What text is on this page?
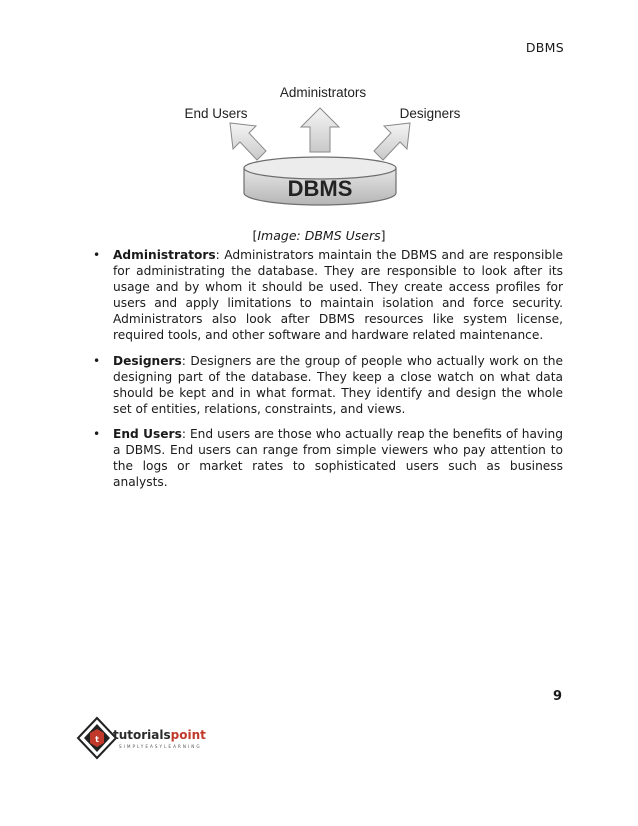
DBMS
DBMS
Administrators
End Users	Designers
[Image: DBMS Users]
• Administrators: Administrators maintain the DBMS and are responsible for administrating the database. They are responsible to look after its usage and by whom it should be used. They create access profiles for users and apply limitations to maintain isolation and force security. Administrators also look after DBMS resources like system license, required tools, and other software and hardware related maintenance.
• Designers: Designers are the group of people who actually work on the designing part of the database. They keep a close watch on what data should be kept and in what format. They identify and design the whole set of entities, relations, constraints, and views.
• End Users: End users are those who actually reap the benefits of having a DBMS. End users can range from simple viewers who pay attention to the logs or market rates to sophisticated users such as business analysts.
9
t tutorialspoint
SIMPLYEASYLEARNING
